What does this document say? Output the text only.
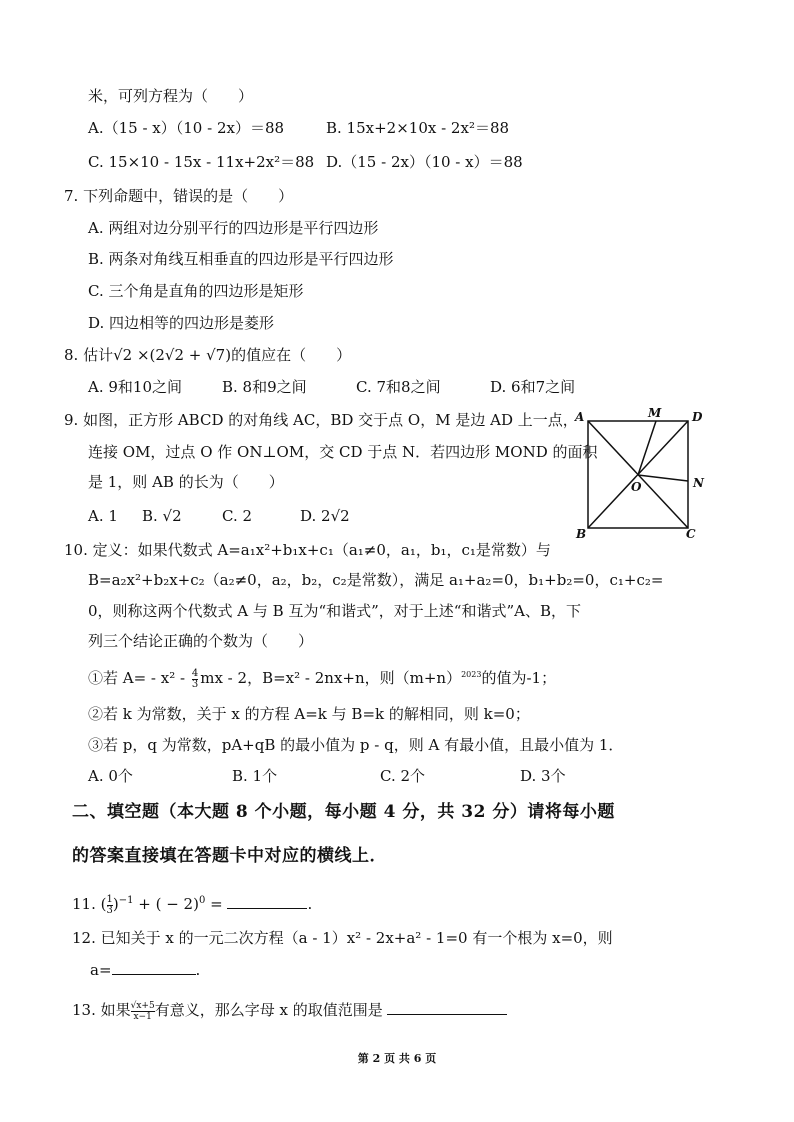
米，可列方程为（　　）
A.（15 - x）（10 - 2x）＝88	B. 15x+2×10x - 2x²＝88
C. 15×10 - 15x - 11x+2x²＝88 D.（15 - 2x）（10 - x）＝88
7. 下列命题中，错误的是（　　）
A. 两组对边分别平行的四边形是平行四边形
B. 两条对角线互相垂直的四边形是平行四边形
C. 三个角是直角的四边形是矩形
D. 四边相等的四边形是菱形
8. 估计√2 ×(2√2 + √7)的值应在（　　）
A. 9和10之间	B. 8和9之间	C. 7和8之间	D. 6和7之间
9. 如图，正方形 ABCD 的对角线 AC，BD 交于点 O，M 是边 AD 上一点，
连接 OM，过点 O 作 ON⊥OM，交 CD 于点 N．若四边形 MOND 的面积
是 1，则 AB 的长为（　　）
A. 1 B. √2	C. 2	D. 2√2
A	M	D
O	N
B	C
10. 定义：如果代数式 A=a₁x²+b₁x+c₁（a₁≠0，a₁，b₁，c₁是常数）与
B=a₂x²+b₂x+c₂（a₂≠0，a₂，b₂，c₂是常数），满足 a₁+a₂=0，b₁+b₂=0，c₁+c₂=
0，则称这两个代数式 A 与 B 互为“和谐式”，对于上述“和谐式”A、B，下
列三个结论正确的个数为（　　）
①若 $A= - x^2 - \frac{4}{3}$ mx - 2，B=x² - 2nx+n，则$(m+n)^{2023}$的值为-1；
②若 k 为常数，关于 x 的方程 A=k 与 B=k 的解相同，则 k=0；
③若 p，q 为常数，pA+qB 的最小值为 p - q，则 A 有最小值，且最小值为 1．
A. 0个	B. 1个	C. 2个	D. 3个
二、填空题（本大题 8 个小题，每小题 4 分，共 32 分）请将每小题
的答案直接填在答题卡中对应的横线上．
11. ( $\frac{1}{3} )^{-1}$ + ( − 2)$^0$ =	.
12. 已知关于 x 的一元二次方程（a - 1）x² - 2x+a² - 1=0 有一个根为 x=0，则
a=	.
13. 如果 $\frac{√x+5}{x-1}$ 有意义，那么字母 x 的取值范围是
第 2 页 共 6 页
